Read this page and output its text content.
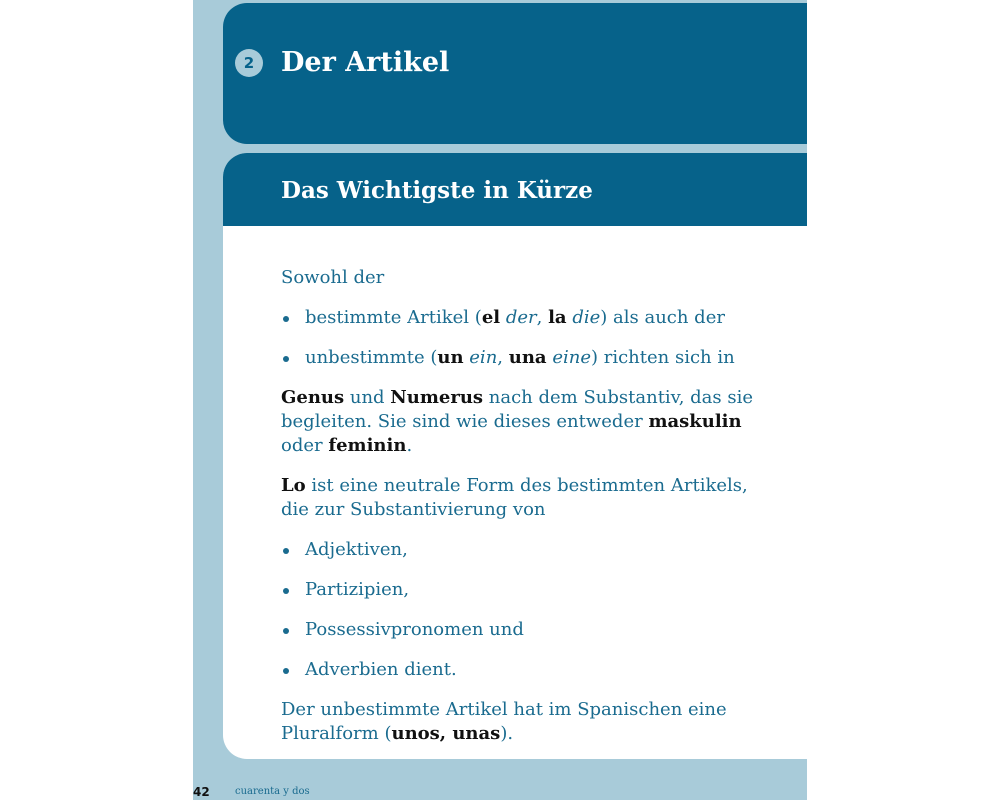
2 Der Artikel
Das Wichtigste in Kürze

Sowohl der

bestimmte Artikel (el der, la die) als auch der

unbestimmte (un ein, una eine) richten sich in

Genus und Numerus nach dem Substantiv, das sie begleiten. Sie sind wie dieses entweder maskulin oder feminin.

Lo ist eine neutrale Form des bestimmten Artikels, die zur Substantivierung von

Adjektiven,

Partizipien,

Possessivpronomen und

Adverbien dient.

Der unbestimmte Artikel hat im Spanischen eine Pluralform (unos, unas).

42	cuarenta y dos
